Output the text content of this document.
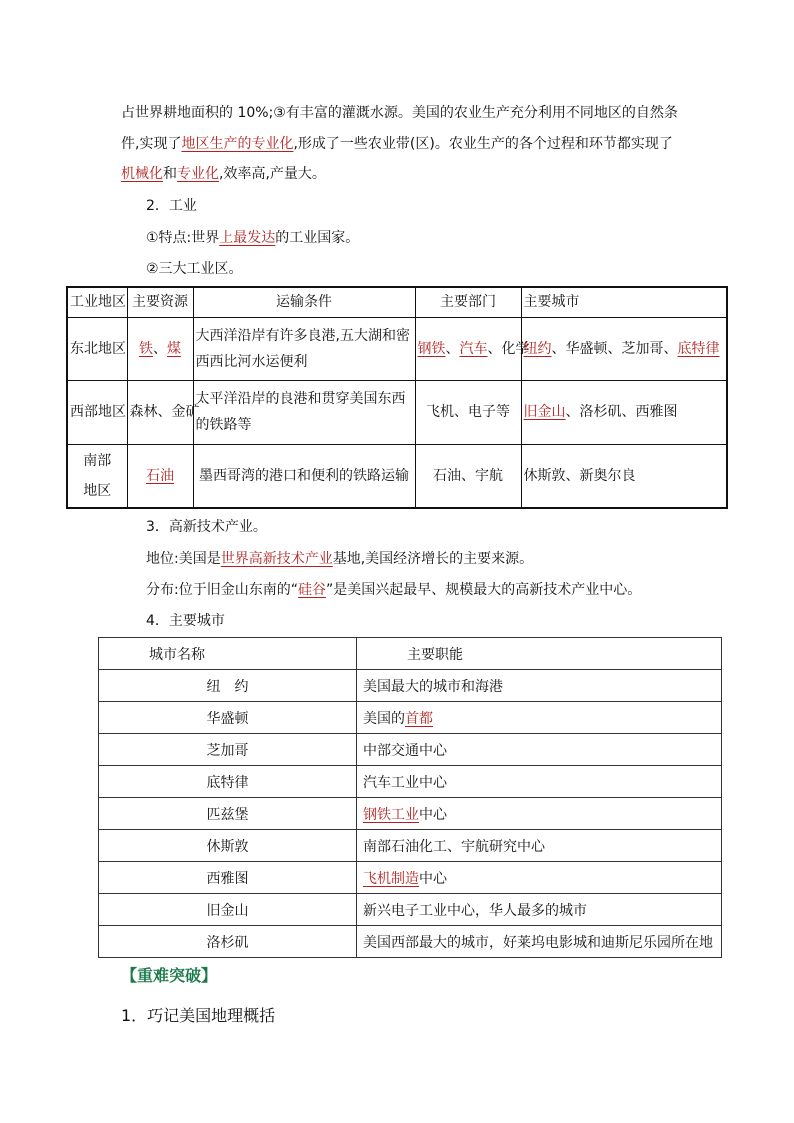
占世界耕地面积的 10%;③有丰富的灌溉水源。美国的农业生产充分利用不同地区的自然条
件,实现了地区生产的专业化,形成了一些农业带(区)。农业生产的各个过程和环节都实现了
机械化和专业化,效率高,产量大。
2．工业
①特点:世界上最发达的工业国家。
②三大工业区。
工业地区	主要资源	运输条件	主要部门	主要城市
东北地区	铁、煤	大西洋沿岸有许多良港,五大湖和密西西比河水运便利	钢铁、汽车、化学	纽约、华盛顿、芝加哥、底特律
西部地区	森林、金矿	太平洋沿岸的良港和贯穿美国东西的铁路等	飞机、电子等	旧金山、洛杉矶、西雅图

南部
地区	石油	墨西哥湾的港口和便利的铁路运输	石油、宇航	休斯敦、新奥尔良
3．高新技术产业。
地位:美国是世界高新技术产业基地,美国经济增长的主要来源。
分布:位于旧金山东南的“硅谷”是美国兴起最早、规模最大的高新技术产业中心。
4．主要城市
城市名称	主要职能
纽　约	美国最大的城市和海港
华盛顿	美国的首都
芝加哥	中部交通中心
底特律	汽车工业中心
匹兹堡	钢铁工业中心
休斯敦	南部石油化工、宇航研究中心
西雅图	飞机制造中心
旧金山	新兴电子工业中心，华人最多的城市
洛杉矶	美国西部最大的城市，好莱坞电影城和迪斯尼乐园所在地
【重难突破】
1．巧记美国地理概括
